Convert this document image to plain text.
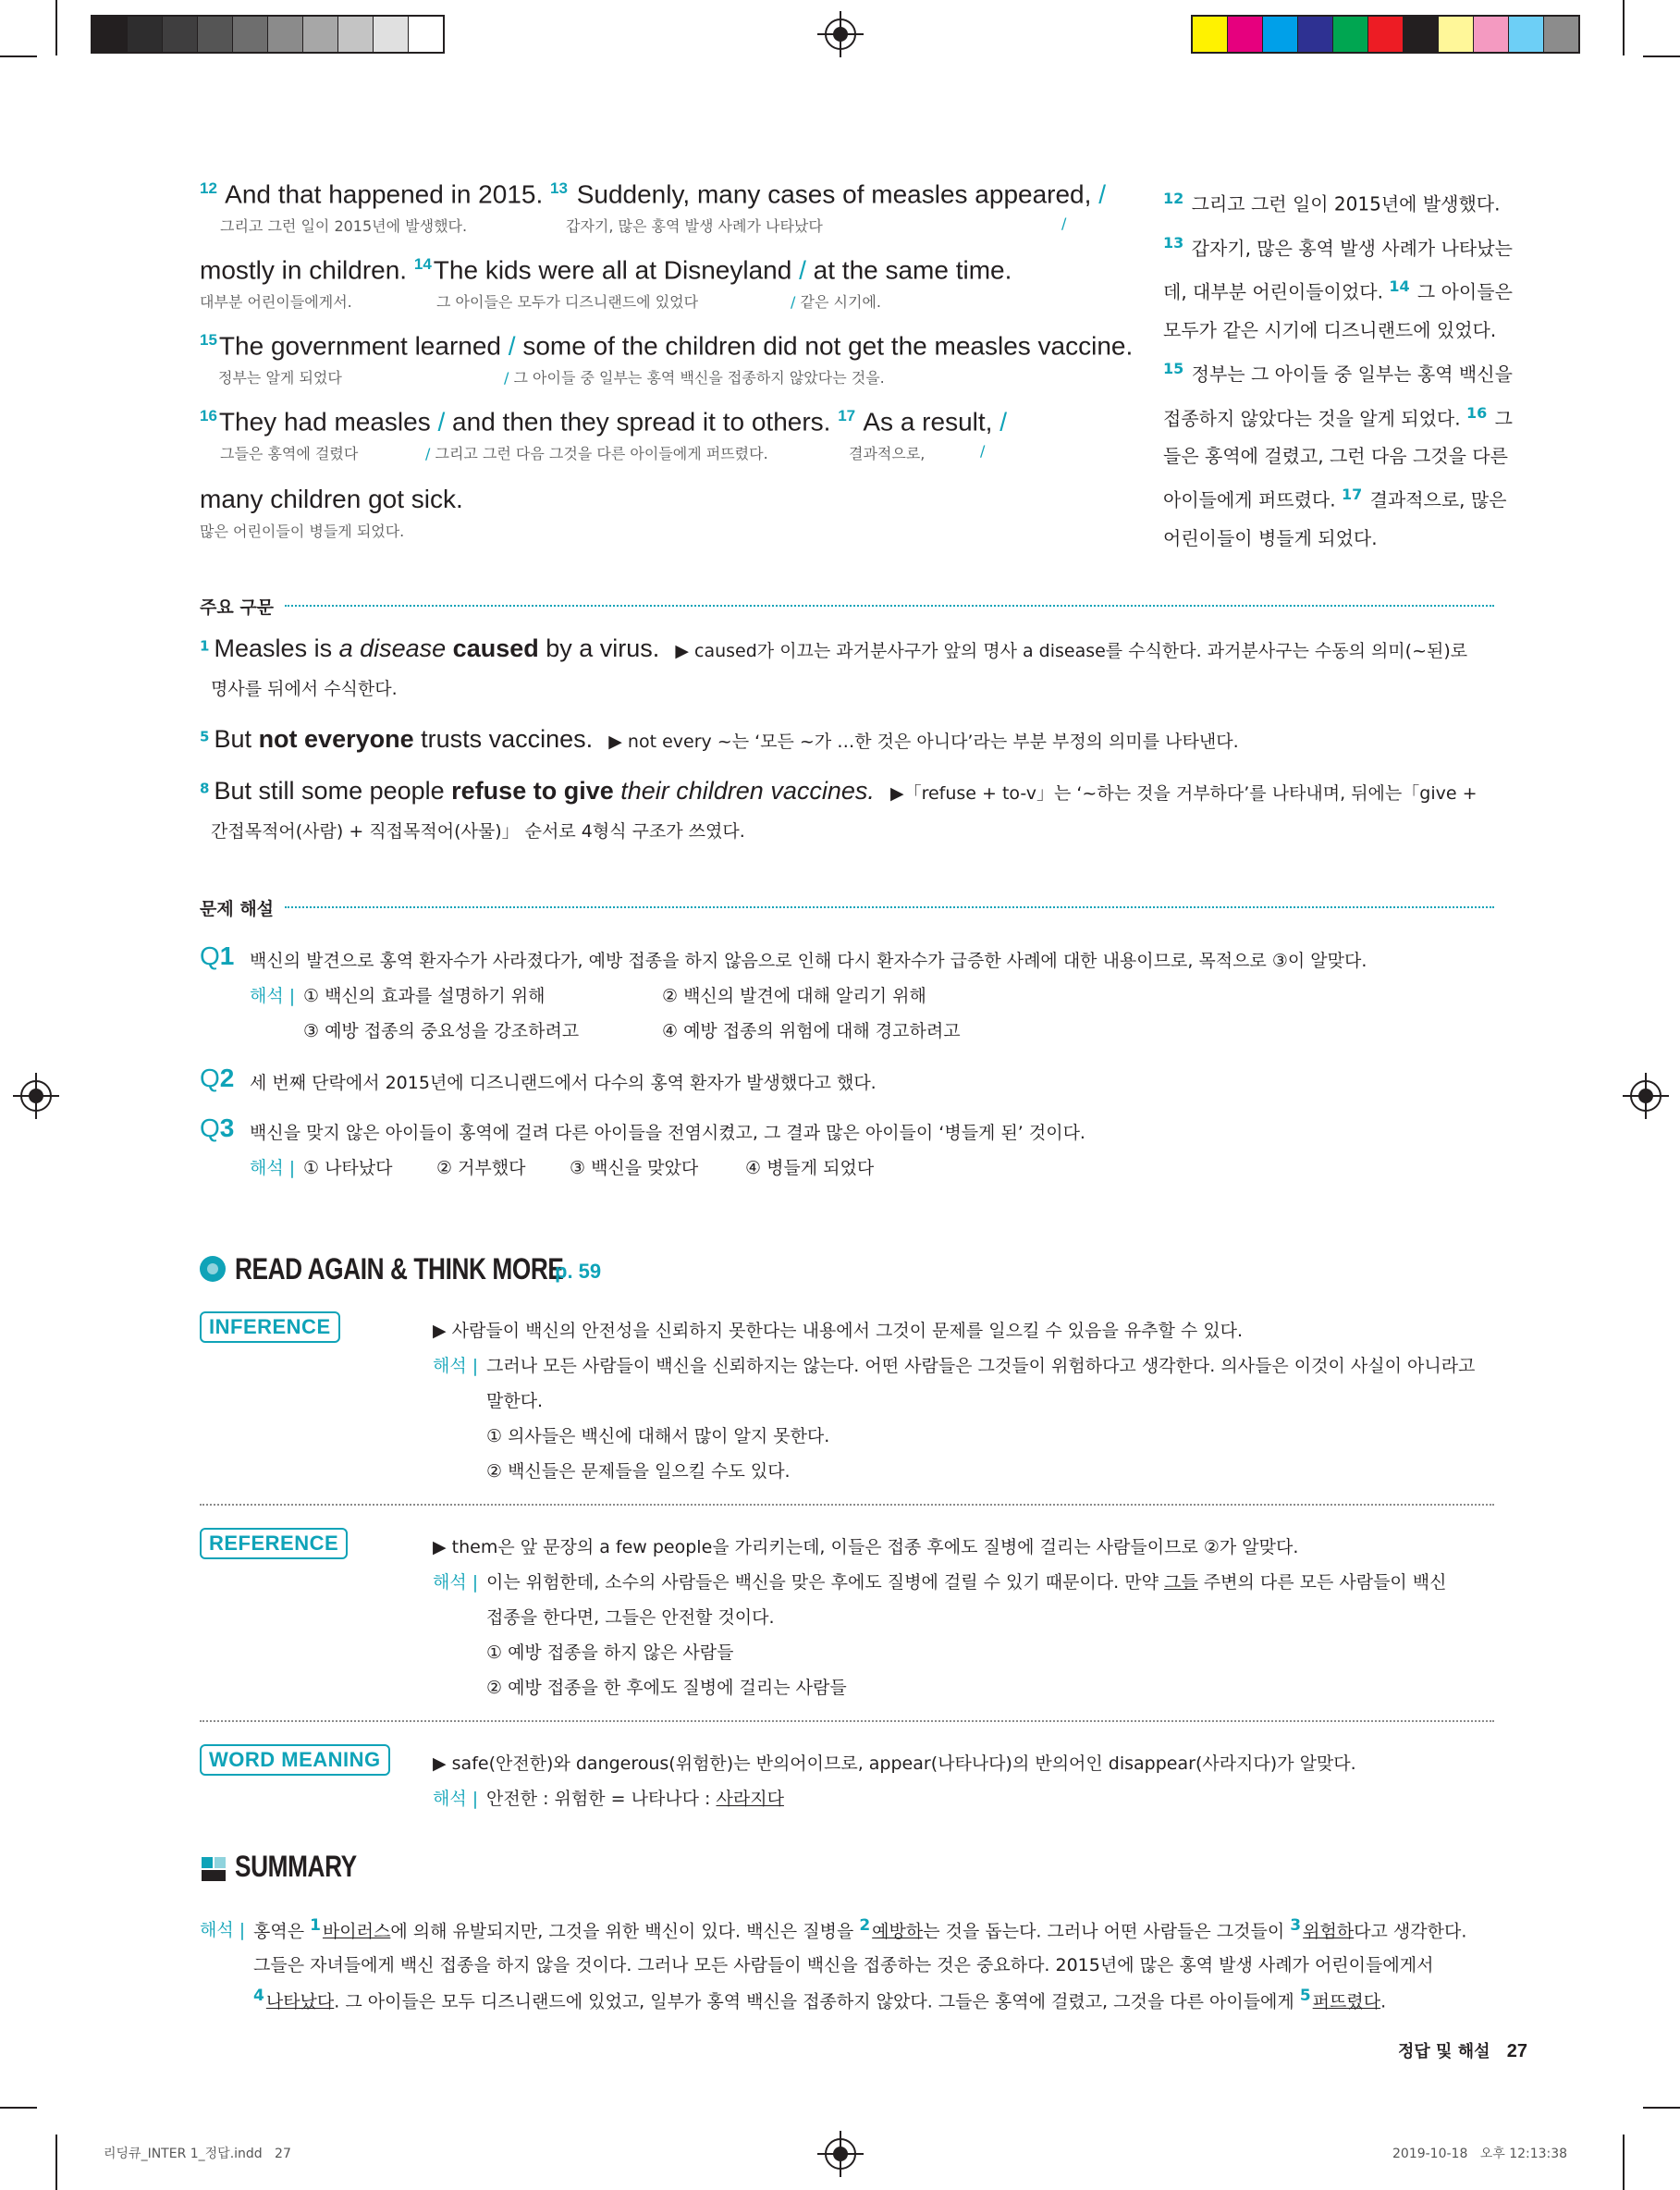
$^{12}$ And that happened in 2015. $^{13}$ Suddenly, many cases of measles appeared, /
그리고 그런 일이 2015년에 발생했다.	갑자기, 많은 홍역 발생 사례가 나타났다	/
mostly in children. $^{14}$The kids were all at Disneyland / at the same time.
대부분 어린이들에게서.	그 아이들은 모두가 디즈니랜드에 있었다	/ 같은 시기에.
$^{15}$The government learned / some of the children did not get the measles vaccine.
정부는 알게 되었다	/ 그 아이들 중 일부는 홍역 백신을 접종하지 않았다는 것을.
$^{16}$They had measles / and then they spread it to others. $^{17}$ As a result, /
그들은 홍역에 걸렸다	/ 그리고 그런 다음 그것을 다른 아이들에게 퍼뜨렸다.	결과적으로,	/
many children got sick.
많은 어린이들이 병들게 되었다.
$^{12}$ 그리고 그런 일이 2015년에 발생했다.
$^{13}$ 갑자기, 많은 홍역 발생 사례가 나타났는
데, 대부분 어린이들이었다. $^{14}$ 그 아이들은
모두가 같은 시기에 디즈니랜드에 있었다.
$^{15}$ 정부는 그 아이들 중 일부는 홍역 백신을
접종하지 않았다는 것을 알게 되었다. $^{16}$ 그
들은 홍역에 걸렸고, 그런 다음 그것을 다른
아이들에게 퍼뜨렸다. $^{17}$ 결과적으로, 많은
어린이들이 병들게 되었다.
주요 구문
1 Measles is a disease caused by a virus. ▶ caused가 이끄는 과거분사구가 앞의 명사 a disease를 수식한다. 과거분사구는 수동의 의미(~된)로
명사를 뒤에서 수식한다.
5 But not everyone trusts vaccines. ▶ not every ~는 ‘모든 ~가 …한 것은 아니다’라는 부분 부정의 의미를 나타낸다.
8 But still some people refuse to give their children vaccines. ▶「refuse + to-v」는 ‘~하는 것을 거부하다’를 나타내며, 뒤에는「give +
간접목적어(사람) + 직접목적어(사물)」 순서로 4형식 구조가 쓰였다.
문제 해설
Q1 백신의 발견으로 홍역 환자수가 사라졌다가, 예방 접종을 하지 않음으로 인해 다시 환자수가 급증한 사례에 대한 내용이므로, 목적으로 ③이 알맞다.
해석 | ① 백신의 효과를 설명하기 위해	② 백신의 발견에 대해 알리기 위해
③ 예방 접종의 중요성을 강조하려고	④ 예방 접종의 위험에 대해 경고하려고
Q2 세 번째 단락에서 2015년에 디즈니랜드에서 다수의 홍역 환자가 발생했다고 했다.
Q3 백신을 맞지 않은 아이들이 홍역에 걸려 다른 아이들을 전염시켰고, 그 결과 많은 아이들이 ‘병들게 된’ 것이다.
해석 | ① 나타났다	② 거부했다	③ 백신을 맞았다	④ 병들게 되었다
READ AGAIN & THINK MORE
p. 59
INFERENCE	▶ 사람들이 백신의 안전성을 신뢰하지 못한다는 내용에서 그것이 문제를 일으킬 수 있음을 유추할 수 있다.
해석 | 그러나 모든 사람들이 백신을 신뢰하지는 않는다. 어떤 사람들은 그것들이 위험하다고 생각한다. 의사들은 이것이 사실이 아니라고
말한다.
① 의사들은 백신에 대해서 많이 알지 못한다.
② 백신들은 문제들을 일으킬 수도 있다.
REFERENCE	▶ them은 앞 문장의 a few people을 가리키는데, 이들은 접종 후에도 질병에 걸리는 사람들이므로 ②가 알맞다.
해석 | 이는 위험한데, 소수의 사람들은 백신을 맞은 후에도 질병에 걸릴 수 있기 때문이다. 만약 그들 주변의 다른 모든 사람들이 백신
접종을 한다면, 그들은 안전할 것이다.
① 예방 접종을 하지 않은 사람들
② 예방 접종을 한 후에도 질병에 걸리는 사람들
WORD MEANING	▶ safe(안전한)와 dangerous(위험한)는 반의어이므로, appear(나타나다)의 반의어인 disappear(사라지다)가 알맞다.
해석 | 안전한 : 위험한 = 나타나다 : 사라지다
SUMMARY
해석 | 홍역은 1 바이러스에 의해 유발되지만, 그것을 위한 백신이 있다. 백신은 질병을 2 예방하는 것을 돕는다. 그러나 어떤 사람들은 그것들이 3 위험하다고 생각한다.
그들은 자녀들에게 백신 접종을 하지 않을 것이다. 그러나 모든 사람들이 백신을 접종하는 것은 중요하다. 2015년에 많은 홍역 발생 사례가 어린이들에게서
4 나타났다. 그 아이들은 모두 디즈니랜드에 있었고, 일부가 홍역 백신을 접종하지 않았다. 그들은 홍역에 걸렸고, 그것을 다른 아이들에게 5 퍼뜨렸다.
정답 및 해설 27
리딩큐_INTER 1_정답.indd   27	2019-10-18   오후 12:13:38
